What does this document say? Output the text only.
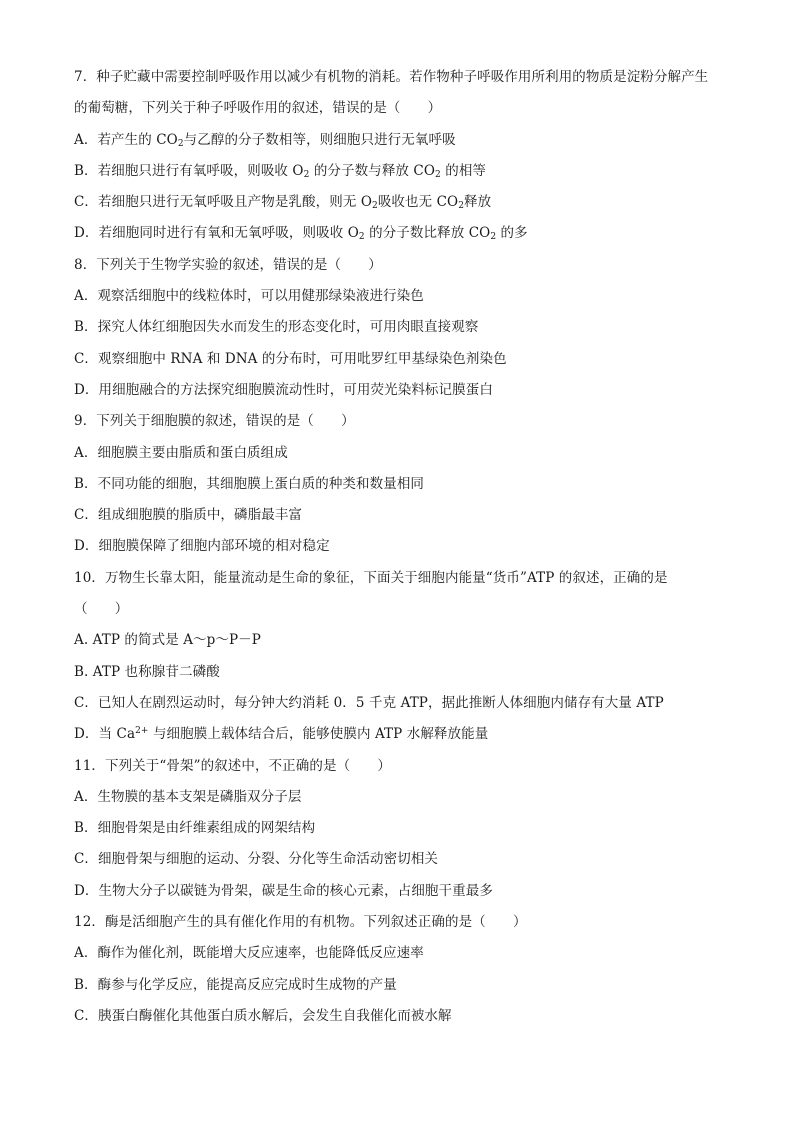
7．种子贮藏中需要控制呼吸作用以减少有机物的消耗。若作物种子呼吸作用所利用的物质是淀粉分解产生
的葡萄糖，下列关于种子呼吸作用的叙述，错误的是（　　）
A．若产生的 $CO_2$与乙醇的分子数相等，则细胞只进行无氧呼吸
B．若细胞只进行有氧呼吸，则吸收 $O_2$ 的分子数与释放 $CO_2$ 的相等
C．若细胞只进行无氧呼吸且产物是乳酸，则无 $O_2$吸收也无 $CO_2$释放
D．若细胞同时进行有氧和无氧呼吸，则吸收 $O_2$ 的分子数比释放 $CO_2$ 的多
8．下列关于生物学实验的叙述，错误的是（　　）
A．观察活细胞中的线粒体时，可以用健那绿染液进行染色
B．探究人体红细胞因失水而发生的形态变化时，可用肉眼直接观察
C．观察细胞中 RNA 和 DNA 的分布时，可用吡罗红甲基绿染色剂染色
D．用细胞融合的方法探究细胞膜流动性时，可用荧光染料标记膜蛋白
9．下列关于细胞膜的叙述，错误的是（　　）
A．细胞膜主要由脂质和蛋白质组成
B．不同功能的细胞，其细胞膜上蛋白质的种类和数量相同
C．组成细胞膜的脂质中，磷脂最丰富
D．细胞膜保障了细胞内部环境的相对稳定
10．万物生长靠太阳，能量流动是生命的象征，下面关于细胞内能量“货币”ATP 的叙述，正确的是
（　　）
A. ATP 的简式是 A～p～P－P
B. ATP 也称腺苷二磷酸
C．已知人在剧烈运动时，每分钟大约消耗 0．5 千克 ATP，据此推断人体细胞内储存有大量 ATP
D．当 $Ca^{2+}$ 与细胞膜上载体结合后，能够使膜内 ATP 水解释放能量
11．下列关于“骨架”的叙述中，不正确的是（　　）
A．生物膜的基本支架是磷脂双分子层
B．细胞骨架是由纤维素组成的网架结构
C．细胞骨架与细胞的运动、分裂、分化等生命活动密切相关
D．生物大分子以碳链为骨架，碳是生命的核心元素，占细胞干重最多
12．酶是活细胞产生的具有催化作用的有机物。下列叙述正确的是（　　）
A．酶作为催化剂，既能增大反应速率，也能降低反应速率
B．酶参与化学反应，能提高反应完成时生成物的产量
C．胰蛋白酶催化其他蛋白质水解后，会发生自我催化而被水解
